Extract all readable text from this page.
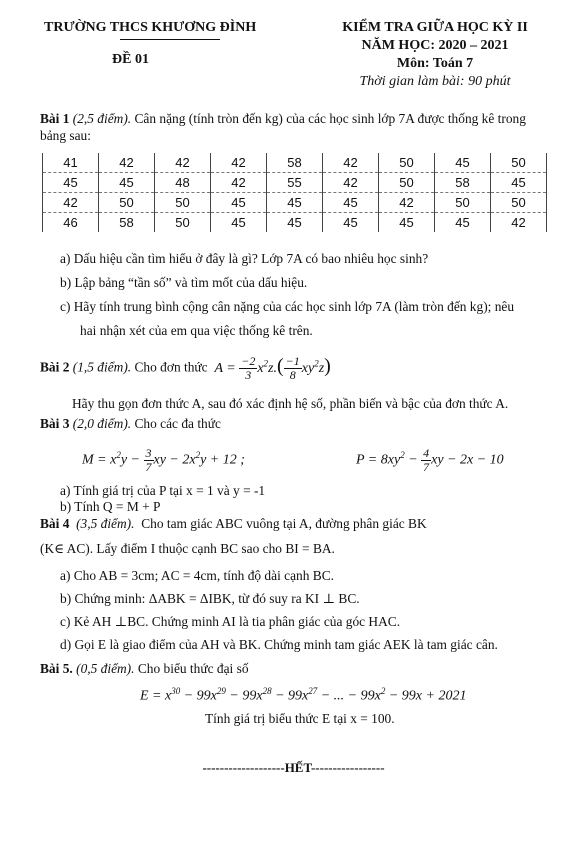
TRƯỜNG THCS KHƯƠNG ĐÌNH
ĐỀ 01
KIỂM TRA GIỮA HỌC KỲ II
NĂM HỌC: 2020 – 2021
Môn: Toán 7
Thời gian làm bài: 90 phút
Bài 1 (2,5 điểm). Cân nặng (tính tròn đến kg) của các học sinh lớp 7A được thống kê trong bảng sau:
41	42	42	42	58	42	50	45	50
45	45	48	42	55	42	50	58	45
42	50	50	45	45	45	42	50	50
46	58	50	45	45	45	45	45	42
a) Dấu hiệu cần tìm hiểu ở đây là gì? Lớp 7A có bao nhiêu học sinh?
b) Lập bảng “tần số” và tìm mốt của dấu hiệu.
c) Hãy tính trung bình cộng cân nặng của các học sinh lớp 7A (làm tròn đến kg); nêu
hai nhận xét của em qua việc thống kê trên.
Bài 2 (1,5 điểm). Cho đơn thức  $A = \frac{-2}{3} x^2z.( \frac{-1}{8} xy^2z)$
Hãy thu gọn đơn thức A, sau đó xác định hệ số, phần biến và bậc của đơn thức A.
Bài 3 (2,0 điểm). Cho các đa thức
$M = x^2y - \frac{3}{7}$ xy − $2x^2y + 12$ ;	$P = 8xy^2 - \frac{4}{7}$ xy − 2x − 10
a) Tính giá trị của P tại x = 1 và y = -1
b) Tính Q = M + P
Bài 4 (3,5 điểm). Cho tam giác ABC vuông tại A, đường phân giác BK
(K∈ AC). Lấy điểm I thuộc cạnh BC sao cho BI = BA.
a) Cho AB = 3cm; AC = 4cm, tính độ dài cạnh BC.
b) Chứng minh: ΔABK = ΔIBK, từ đó suy ra KI ⊥ BC.
c) Kẻ AH ⊥BC. Chứng minh AI là tia phân giác của góc HAC.
d) Gọi E là giao điểm của AH và BK. Chứng minh tam giác AEK là tam giác cân.
Bài 5. (0,5 điểm). Cho biểu thức đại số
$E = x^{30} - 99x^{29} - 99x^{28} - 99x^{27}$ − ... − $99x^2 - 99x + 2021$
Tính giá trị biểu thức E tại x = 100.
-------------------HẾT-----------------
